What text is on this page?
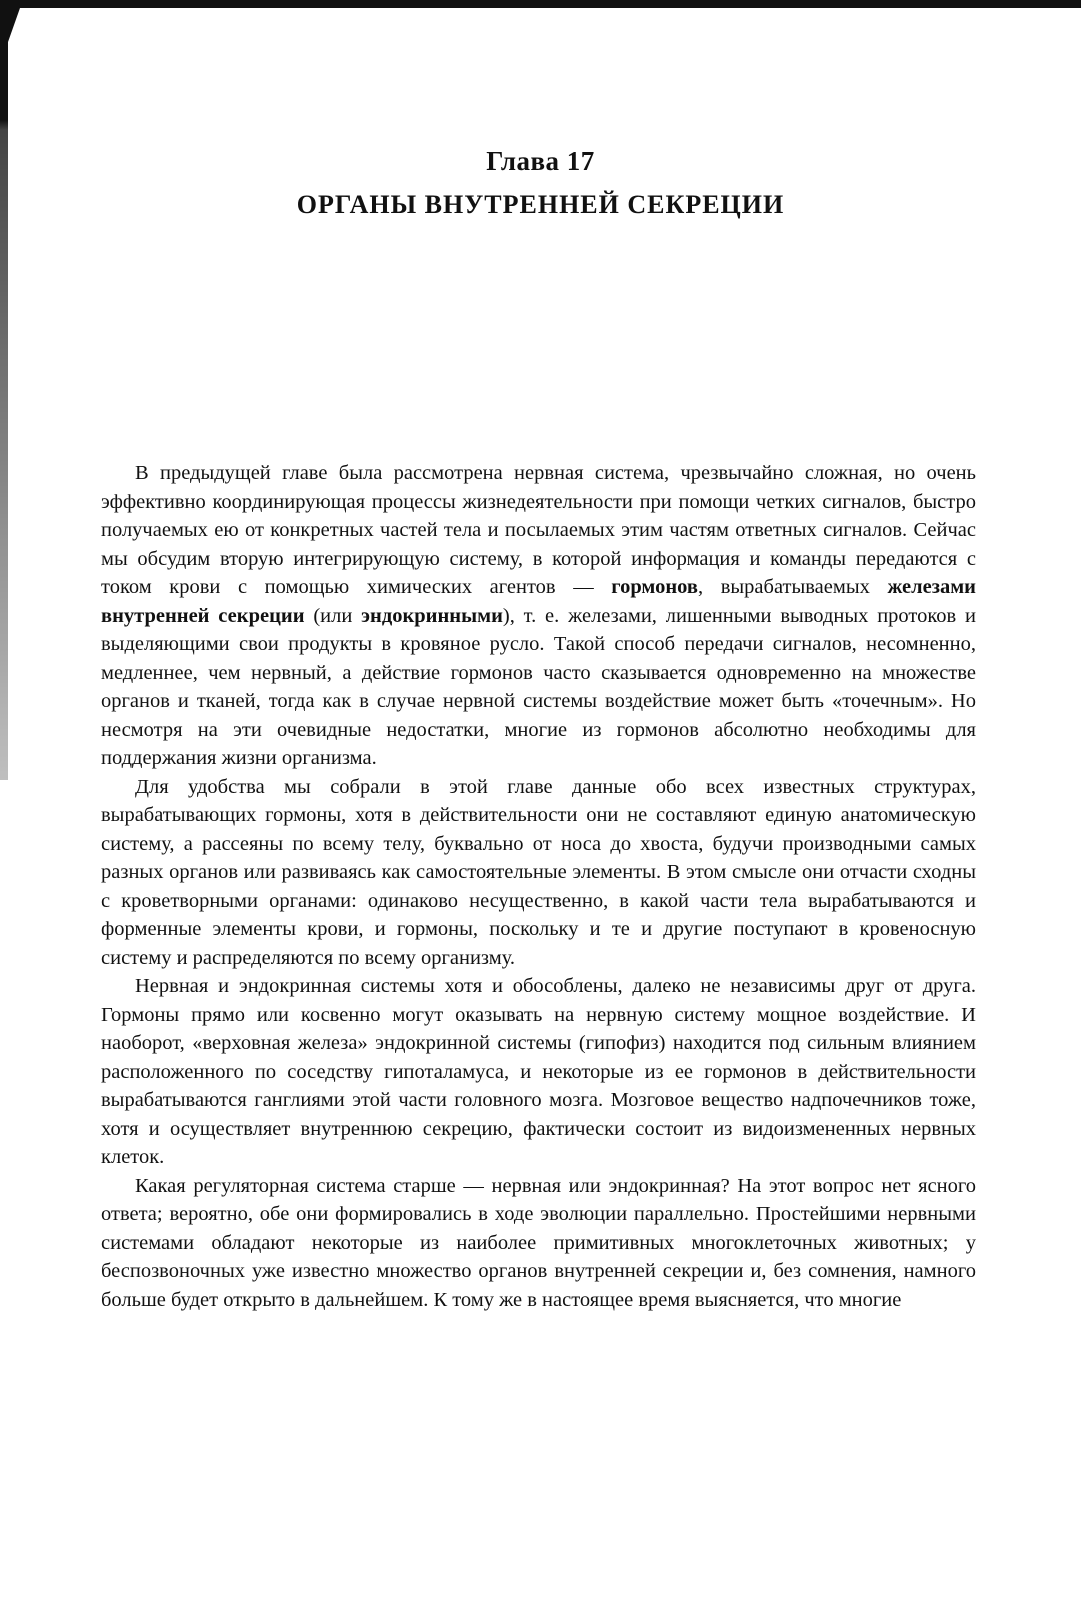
Глава 17
ОРГАНЫ ВНУТРЕННЕЙ СЕКРЕЦИИ

В предыдущей главе была рассмотрена нервная система, чрезвычайно сложная, но очень эффективно координирующая процессы жизнедеятельности при помощи четких сигналов, быстро получаемых ею от конкретных частей тела и посылаемых этим частям ответных сигналов. Сейчас мы обсудим вторую интегрирующую систему, в которой информация и команды передаются с током крови с помощью химических агентов — гормонов, вырабатываемых железами внутренней секреции (или эндокринными), т. е. железами, лишенными выводных протоков и выделяющими свои продукты в кровяное русло. Такой способ передачи сигналов, несомненно, медленнее, чем нервный, а действие гормонов часто сказывается одновременно на множестве органов и тканей, тогда как в случае нервной системы воздействие может быть «точечным». Но несмотря на эти очевидные недостатки, многие из гормонов абсолютно необходимы для поддержания жизни организма.

Для удобства мы собрали в этой главе данные обо всех известных структурах, вырабатывающих гормоны, хотя в действительности они не составляют единую анатомическую систему, а рассеяны по всему телу, буквально от носа до хвоста, будучи производными самых разных органов или развиваясь как самостоятельные элементы. В этом смысле они отчасти сходны с кроветворными органами: одинаково несущественно, в какой части тела вырабатываются и форменные элементы крови, и гормоны, поскольку и те и другие поступают в кровеносную систему и распределяются по всему организму.

Нервная и эндокринная системы хотя и обособлены, далеко не независимы друг от друга. Гормоны прямо или косвенно могут оказывать на нервную систему мощное воздействие. И наоборот, «верховная железа» эндокринной системы (гипофиз) находится под сильным влиянием расположенного по соседству гипоталамуса, и некоторые из ее гормонов в действительности вырабатываются ганглиями этой части головного мозга. Мозговое вещество надпочечников тоже, хотя и осуществляет внутреннюю секрецию, фактически состоит из видоизмененных нервных клеток.

Какая регуляторная система старше — нервная или эндокринная? На этот вопрос нет ясного ответа; вероятно, обе они формировались в ходе эволюции параллельно. Простейшими нервными системами обладают некоторые из наиболее примитивных многоклеточных животных; у беспозвоночных уже известно множество органов внутренней секреции и, без сомнения, намного больше будет открыто в дальнейшем. К тому же в настоящее время выясняется, что многие
